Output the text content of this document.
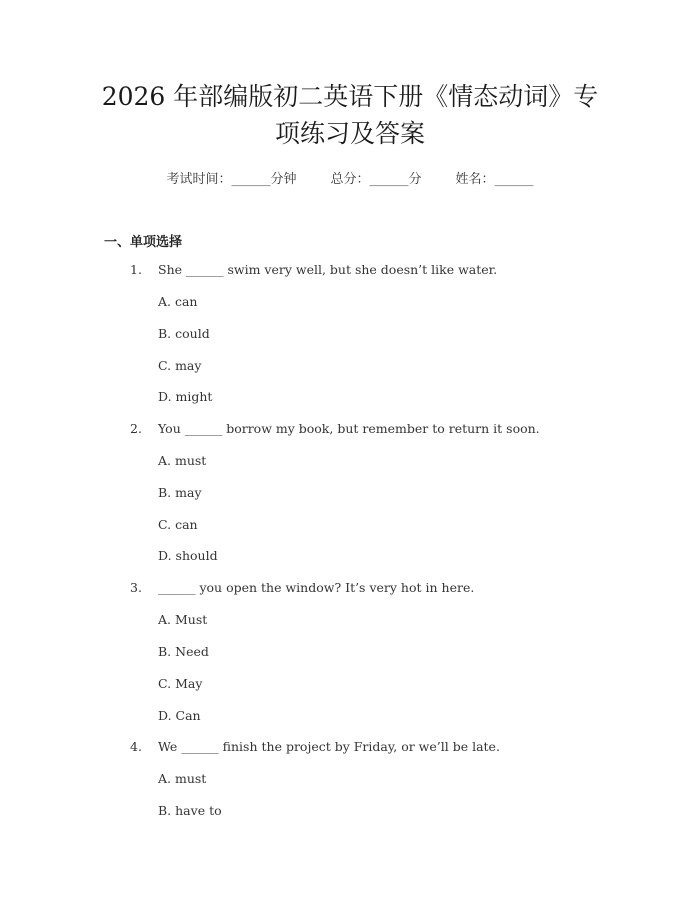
2026 年部编版初二英语下册《情态动词》专
项练习及答案
考试时间：______分钟	总分：______分	姓名：______
一、单项选择
1. She ______ swim very well, but she doesn’t like water.
A. can
B. could
C. may
D. might
2. You ______ borrow my book, but remember to return it soon.
A. must
B. may
C. can
D. should
3. ______ you open the window? It’s very hot in here.
A. Must
B. Need
C. May
D. Can
4. We ______ finish the project by Friday, or we’ll be late.
A. must
B. have to
